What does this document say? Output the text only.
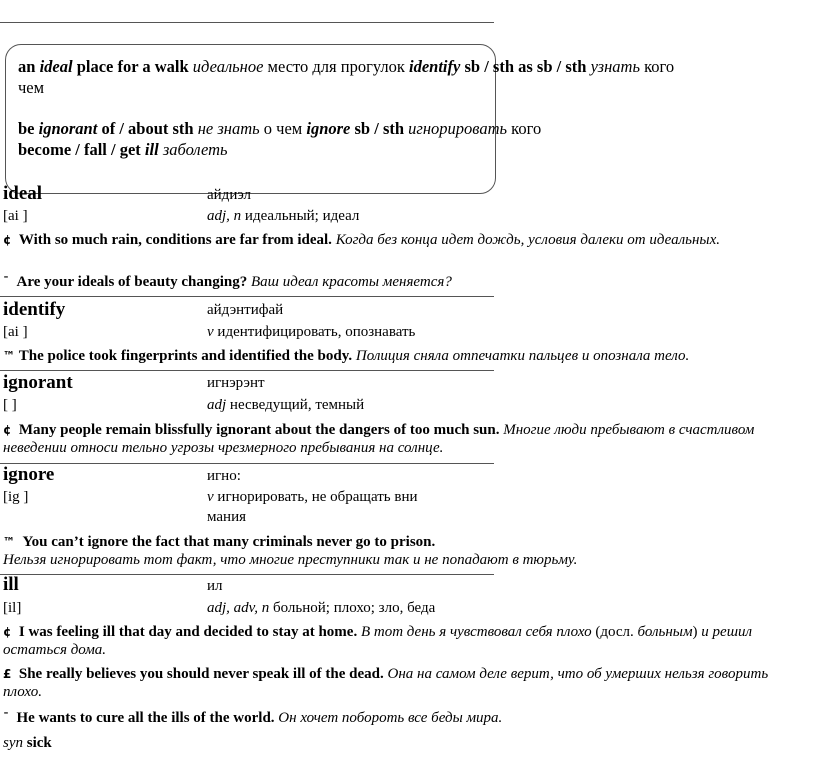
an ideal place for a walk идеальное место для прогулок identify sb / sth as sb / sth узнать кого
чем
be ignorant of / about sth не знать о чем ignore sb / sth игнорировать кого
become / fall / get ill заболеть
ideal	айдиэл
[ai ]	adj, n идеальный; идеал
¢ With so much rain, conditions are far from ideal. Когда без конца идет дождь, условия далеки от идеальных.
¯ Are your ideals of beauty changing? Ваш идеал красоты меняется?
identify	айдэнтифай
[ai ]	v идентифицировать, опознавать
™ The police took fingerprints and identified the body. Полиция сняла отпечатки пальцев и опознала тело.
ignorant	игнэрэнт
[ ]	adj несведущий, темный
¢ Many people remain blissfully ignorant about the dangers of too much sun. Многие люди пребывают в счастливом неведении относи тельно угрозы чрезмерного пребывания на солнце.
ignore	игно:
[ig ]	v игнорировать, не обращать вни
мания
™ You can’t ignore the fact that many criminals never go to prison.
Нельзя игнорировать тот факт, что многие преступники так и не попадают в тюрьму.
ill	ил
[il]	adj, adv, n больной; плохо; зло, беда
¢ I was feeling ill that day and decided to stay at home. В тот день я чувствовал себя плохо (досл. больным) и решил остаться дома.
£ She really believes you should never speak ill of the dead. Она на самом деле верит, что об умерших нельзя говорить плохо.
¯ He wants to cure all the ills of the world. Он хочет побороть все беды мира.
syn sick
